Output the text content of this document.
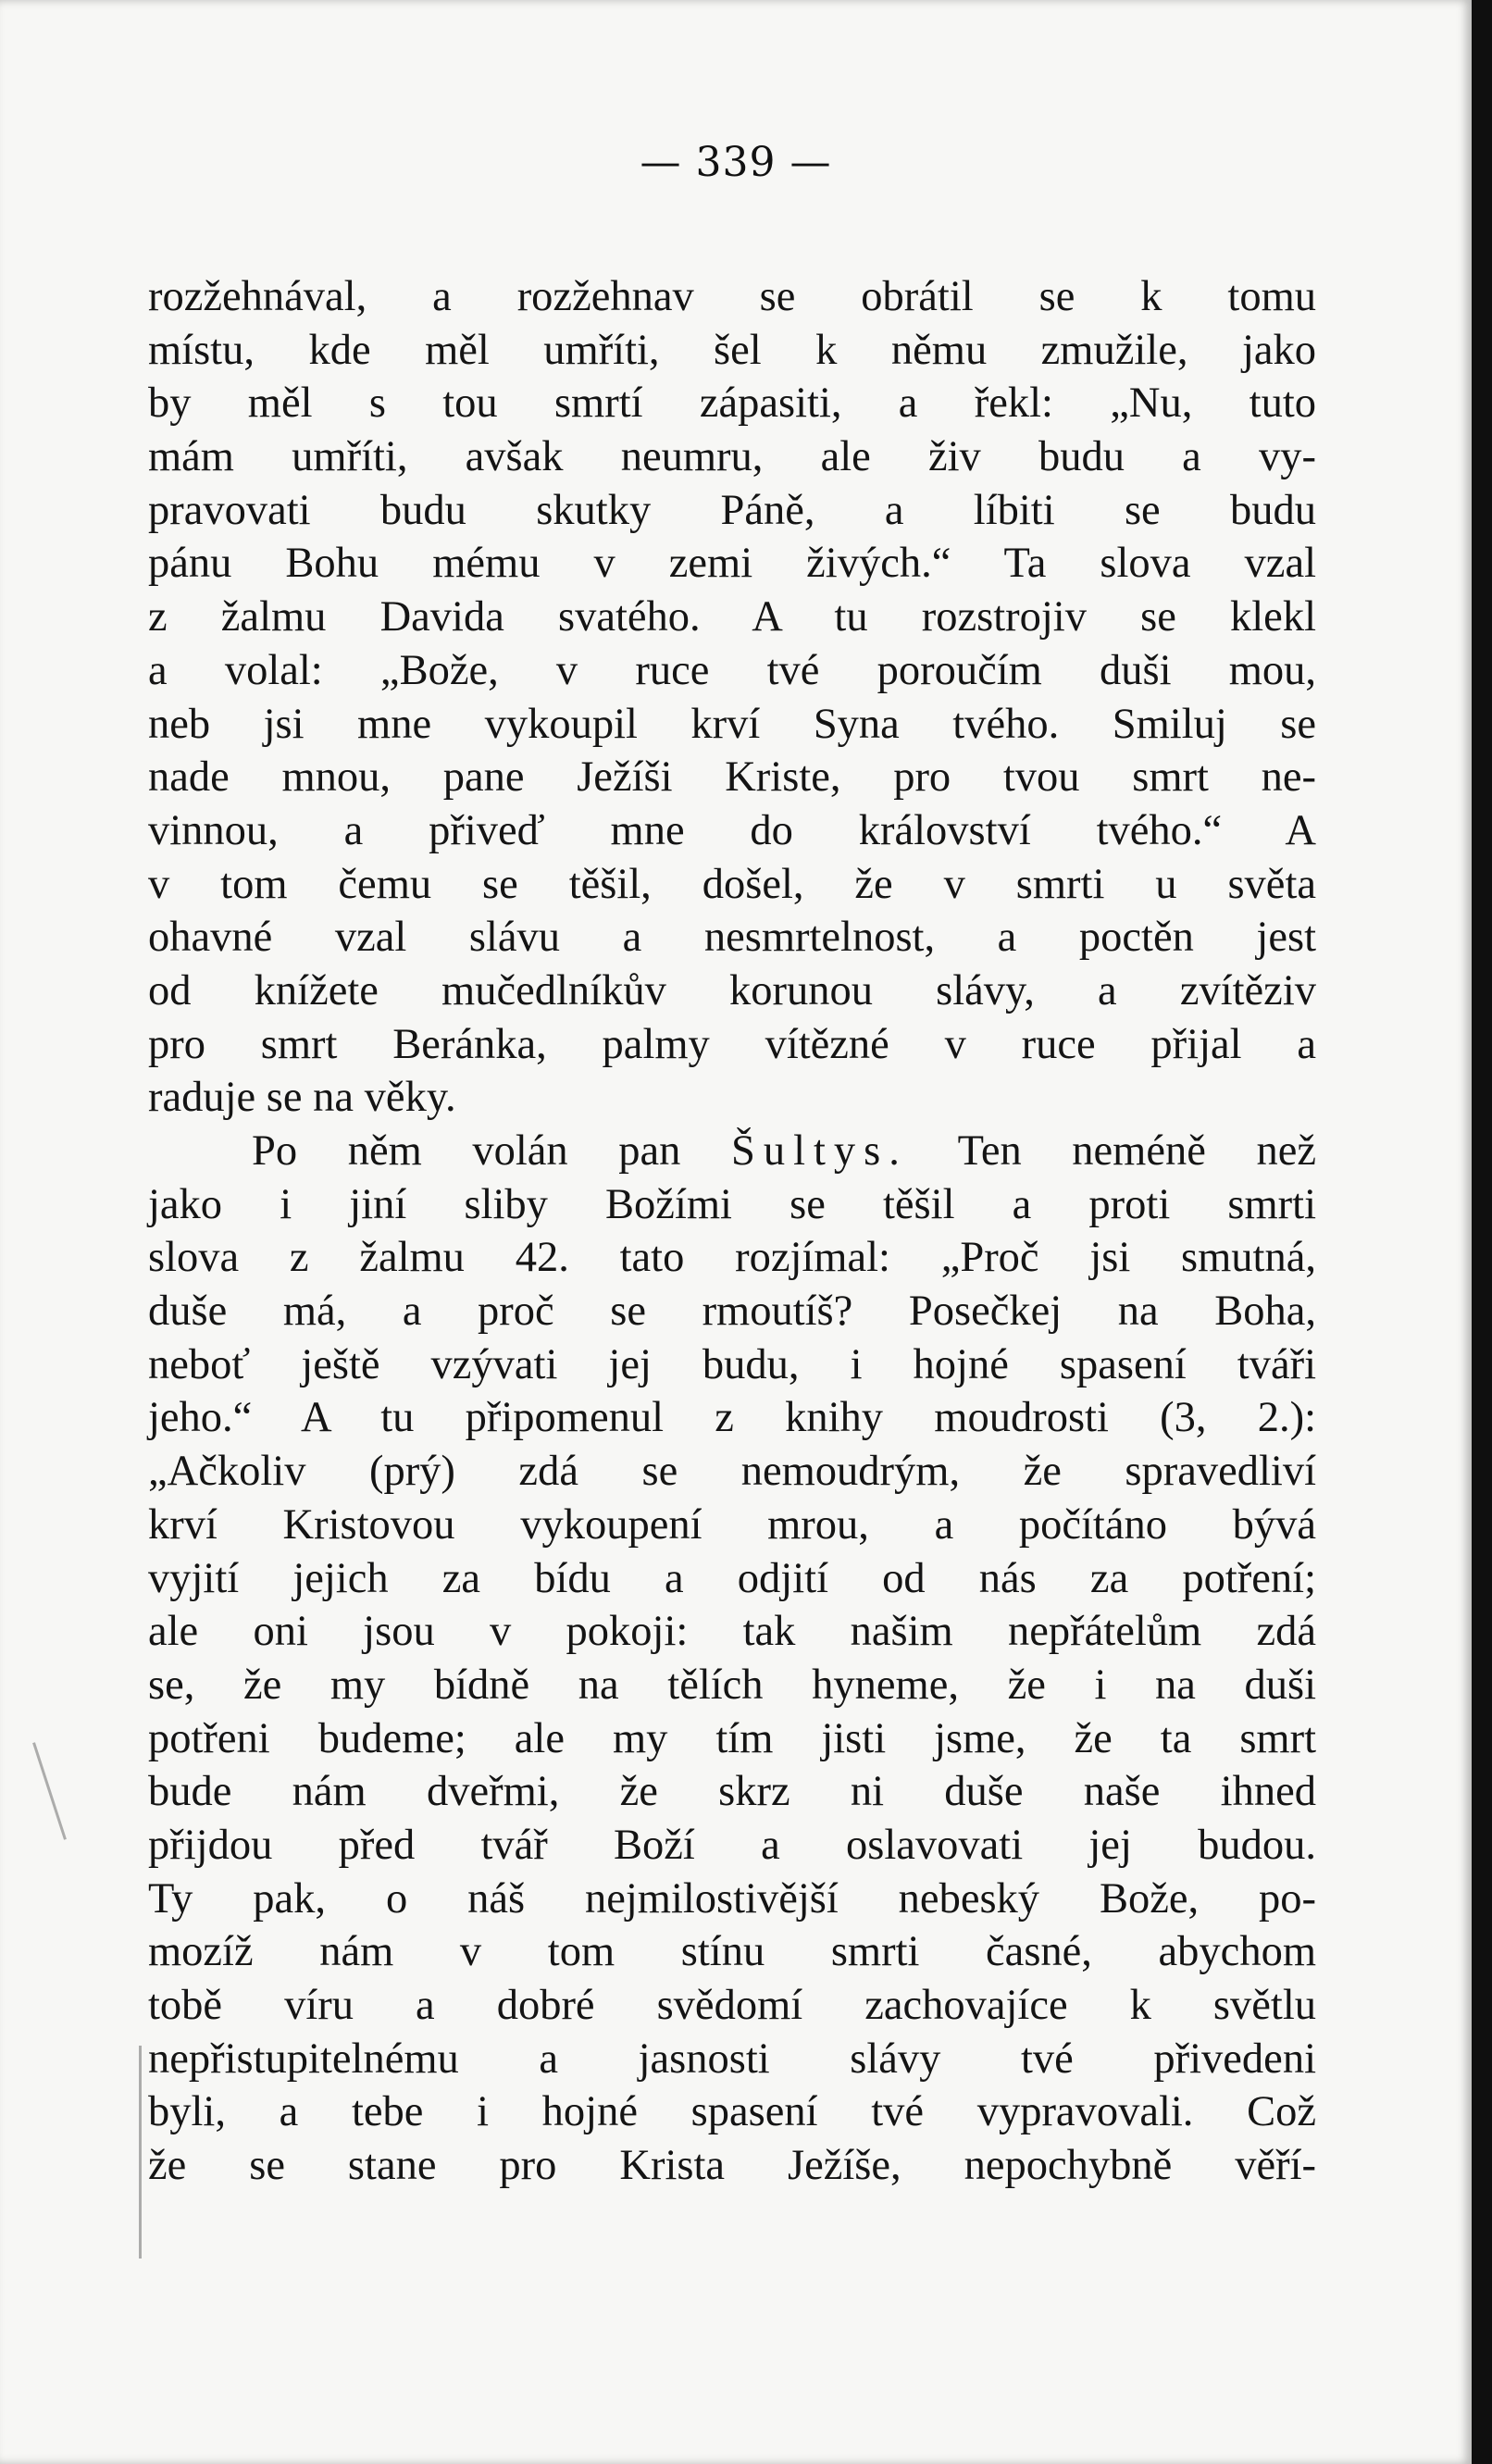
— 339 —
rozžehnával, a rozžehnav se obrátil se k tomu
místu, kde měl umříti, šel k němu zmužile, jako
by měl s tou smrtí zápasiti, a řekl: „Nu, tuto
mám umříti, avšak neumru, ale živ budu a vy-
pravovati budu skutky Páně, a líbiti se budu
pánu Bohu mému v zemi živých.“ Ta slova vzal
z žalmu Davida svatého. A tu rozstrojiv se klekl
a volal: „Bože, v ruce tvé poroučím duši mou,
neb jsi mne vykoupil krví Syna tvého. Smiluj se
nade mnou, pane Ježíši Kriste, pro tvou smrt ne-
vinnou, a přiveď mne do království tvého.“ A
v tom čemu se těšil, došel, že v smrti u světa
ohavné vzal slávu a nesmrtelnost, a poctěn jest
od knížete mučedlníkův korunou slávy, a zvítěziv
pro smrt Beránka, palmy vítězné v ruce přijal a
raduje se na věky.
Po něm volán pan Šultys. Ten neméně než
jako i jiní sliby Božími se těšil a proti smrti
slova z žalmu 42. tato rozjímal: „Proč jsi smutná,
duše má, a proč se rmoutíš? Posečkej na Boha,
neboť ještě vzývati jej budu, i hojné spasení tváři
jeho.“ A tu připomenul z knihy moudrosti (3, 2.):
„Ačkoliv (prý) zdá se nemoudrým, že spravedliví
krví Kristovou vykoupení mrou, a počítáno bývá
vyjití jejich za bídu a odjití od nás za potření;
ale oni jsou v pokoji: tak našim nepřátelům zdá
se, že my bídně na tělích hyneme, že i na duši
potřeni budeme; ale my tím jisti jsme, že ta smrt
bude nám dveřmi, že skrz ni duše naše ihned
přijdou před tvář Boží a oslavovati jej budou.
Ty pak, o náš nejmilostivější nebeský Bože, po-
mozíž nám v tom stínu smrti časné, abychom
tobě víru a dobré svědomí zachovajíce k světlu
nepřistupitelnému a jasnosti slávy tvé přivedeni
byli, a tebe i hojné spasení tvé vypravovali. Což
že se stane pro Krista Ježíše, nepochybně věří-
